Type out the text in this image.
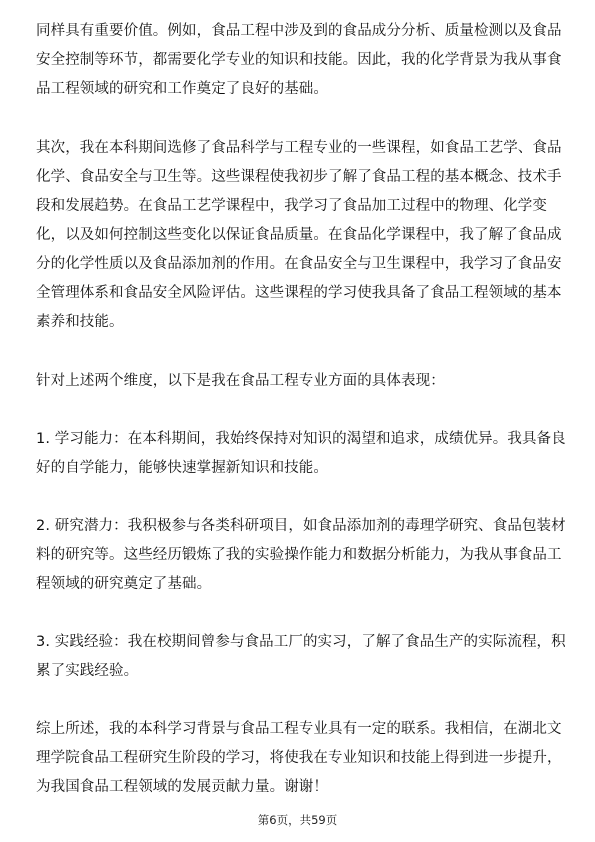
同样具有重要价值。例如，食品工程中涉及到的食品成分分析、质量检测以及食品
安全控制等环节，都需要化学专业的知识和技能。因此，我的化学背景为我从事食
品工程领域的研究和工作奠定了良好的基础。
其次，我在本科期间选修了食品科学与工程专业的一些课程，如食品工艺学、食品
化学、食品安全与卫生等。这些课程使我初步了解了食品工程的基本概念、技术手
段和发展趋势。在食品工艺学课程中，我学习了食品加工过程中的物理、化学变
化，以及如何控制这些变化以保证食品质量。在食品化学课程中，我了解了食品成
分的化学性质以及食品添加剂的作用。在食品安全与卫生课程中，我学习了食品安
全管理体系和食品安全风险评估。这些课程的学习使我具备了食品工程领域的基本
素养和技能。
针对上述两个维度，以下是我在食品工程专业方面的具体表现：
1. 学习能力：在本科期间，我始终保持对知识的渴望和追求，成绩优异。我具备良
好的自学能力，能够快速掌握新知识和技能。
2. 研究潜力：我积极参与各类科研项目，如食品添加剂的毒理学研究、食品包装材
料的研究等。这些经历锻炼了我的实验操作能力和数据分析能力，为我从事食品工
程领域的研究奠定了基础。
3. 实践经验：我在校期间曾参与食品工厂的实习，了解了食品生产的实际流程，积
累了实践经验。
综上所述，我的本科学习背景与食品工程专业具有一定的联系。我相信，在湖北文
理学院食品工程研究生阶段的学习，将使我在专业知识和技能上得到进一步提升，
为我国食品工程领域的发展贡献力量。谢谢！
第6页，共59页
